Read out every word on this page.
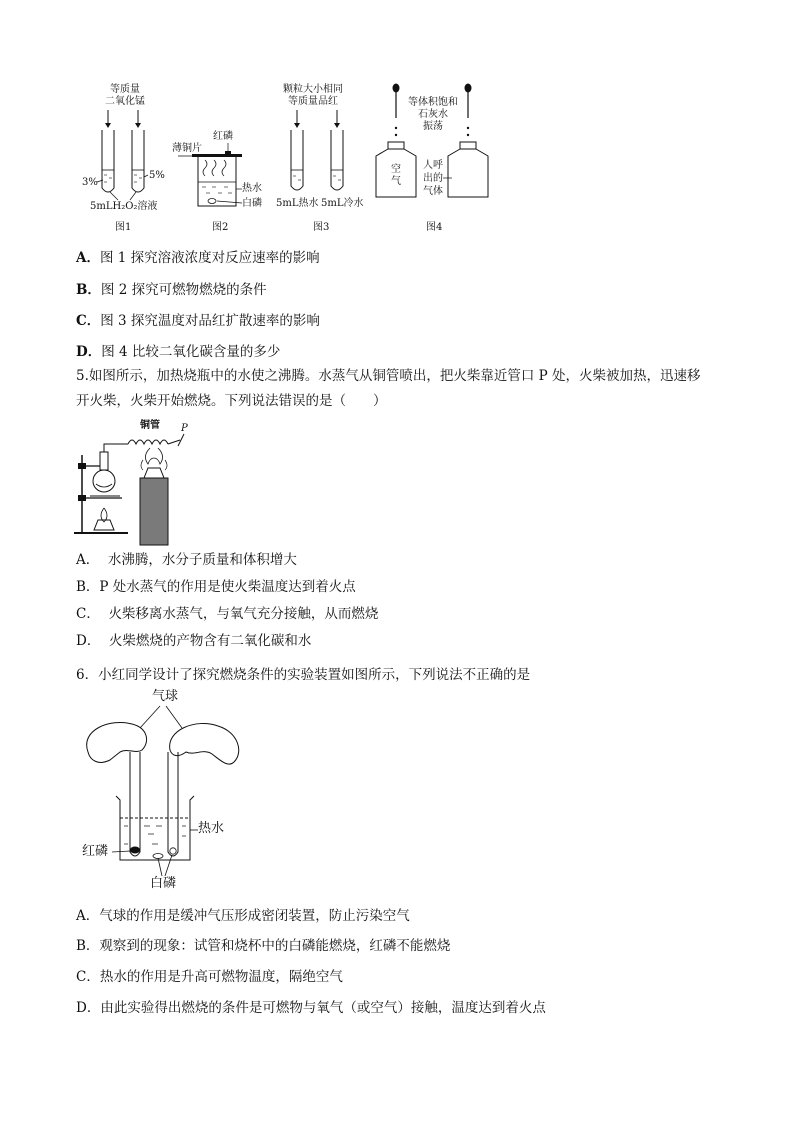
等质量
二氧化锰
3%
5%
5mLH₂O₂溶液
图1
红磷
薄铜片
热水
白磷
图2
颗粒大小相同
等质量品红
5mL热水 5mL冷水
图3
等体积饱和
石灰水
振荡
空
气
人呼
出的
气体
图4
A．图 1 探究溶液浓度对反应速率的影响
B．图 2 探究可燃物燃烧的条件
C．图 3 探究温度对品红扩散速率的影响
D．图 4 比较二氧化碳含量的多少
5.如图所示，加热烧瓶中的水使之沸腾。水蒸气从铜管喷出，把火柴靠近管口 P 处，火柴被加热，迅速移
开火柴，火柴开始燃烧。下列说法错误的是（　　）
铜管 P
A． 水沸腾，水分子质量和体积增大
B．P 处水蒸气的作用是使火柴温度达到着火点
C． 火柴移离水蒸气，与氧气充分接触，从而燃烧
D． 火柴燃烧的产物含有二氧化碳和水
6．小红同学设计了探究燃烧条件的实验装置如图所示，下列说法不正确的是
气球
热水
红磷
白磷
A．气球的作用是缓冲气压形成密闭装置，防止污染空气
B．观察到的现象：试管和烧杯中的白磷能燃烧，红磷不能燃烧
C．热水的作用是升高可燃物温度，隔绝空气
D．由此实验得出燃烧的条件是可燃物与氧气（或空气）接触，温度达到着火点
